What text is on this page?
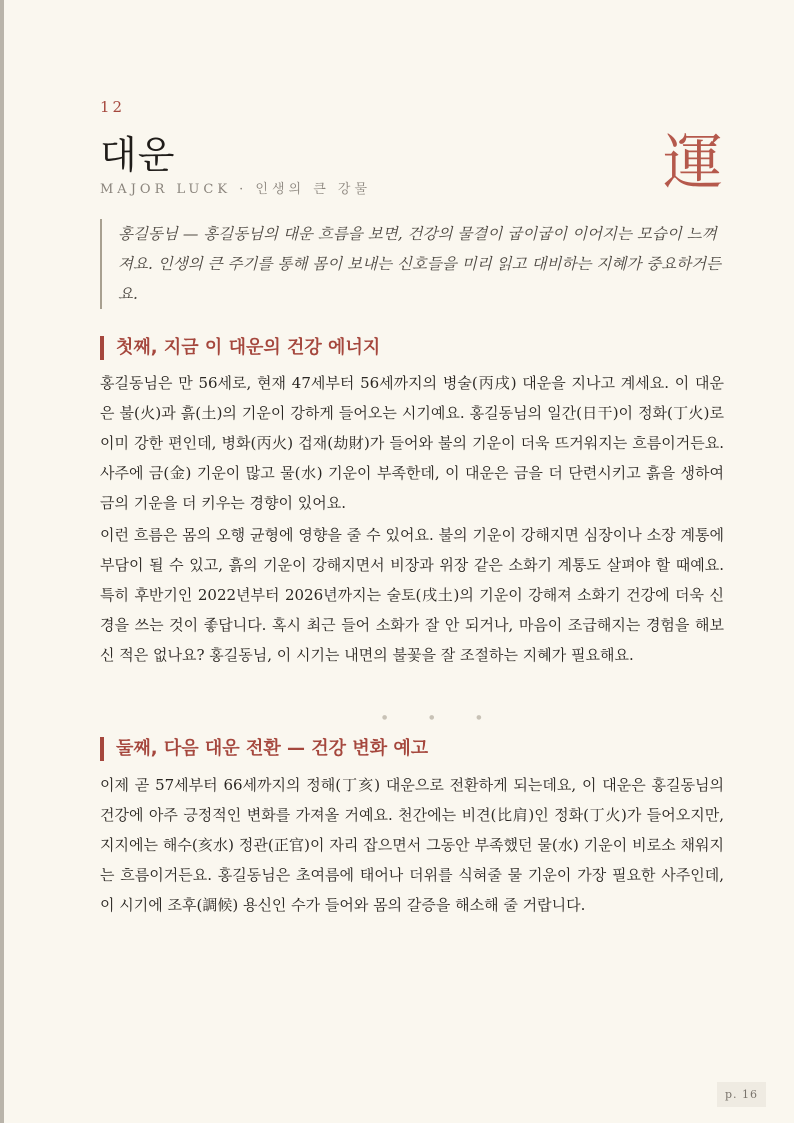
12
대운
MAJOR LUCK · 인생의 큰 강물	運
홍길동님 — 홍길동님의 대운 흐름을 보면, 건강의 물결이 굽이굽이 이어지는 모습이 느껴져요. 인생의 큰 주기를 통해 몸이 보내는 신호들을 미리 읽고 대비하는 지혜가 중요하거든요.
첫째, 지금 이 대운의 건강 에너지

홍길동님은 만 56세로, 현재 47세부터 56세까지의 병술(丙戌) 대운을 지나고 계세요. 이 대운은 불(火)과 흙(土)의 기운이 강하게 들어오는 시기예요. 홍길동님의 일간(日干)이 정화(丁火)로 이미 강한 편인데, 병화(丙火) 겁재(劫財)가 들어와 불의 기운이 더욱 뜨거워지는 흐름이거든요. 사주에 금(金) 기운이 많고 물(水) 기운이 부족한데, 이 대운은 금을 더 단련시키고 흙을 생하여 금의 기운을 더 키우는 경향이 있어요.

이런 흐름은 몸의 오행 균형에 영향을 줄 수 있어요. 불의 기운이 강해지면 심장이나 소장 계통에 부담이 될 수 있고, 흙의 기운이 강해지면서 비장과 위장 같은 소화기 계통도 살펴야 할 때예요. 특히 후반기인 2022년부터 2026년까지는 술토(戌土)의 기운이 강해져 소화기 건강에 더욱 신경을 쓰는 것이 좋답니다. 혹시 최근 들어 소화가 잘 안 되거나, 마음이 조급해지는 경험을 해보신 적은 없나요? 홍길동님, 이 시기는 내면의 불꽃을 잘 조절하는 지혜가 필요해요.

● ● ●
둘째, 다음 대운 전환 — 건강 변화 예고

이제 곧 57세부터 66세까지의 정해(丁亥) 대운으로 전환하게 되는데요, 이 대운은 홍길동님의 건강에 아주 긍정적인 변화를 가져올 거예요. 천간에는 비견(比肩)인 정화(丁火)가 들어오지만, 지지에는 해수(亥水) 정관(正官)이 자리 잡으면서 그동안 부족했던 물(水) 기운이 비로소 채워지는 흐름이거든요. 홍길동님은 초여름에 태어나 더위를 식혀줄 물 기운이 가장 필요한 사주인데, 이 시기에 조후(調候) 용신인 수가 들어와 몸의 갈증을 해소해 줄 거랍니다.

p. 16
